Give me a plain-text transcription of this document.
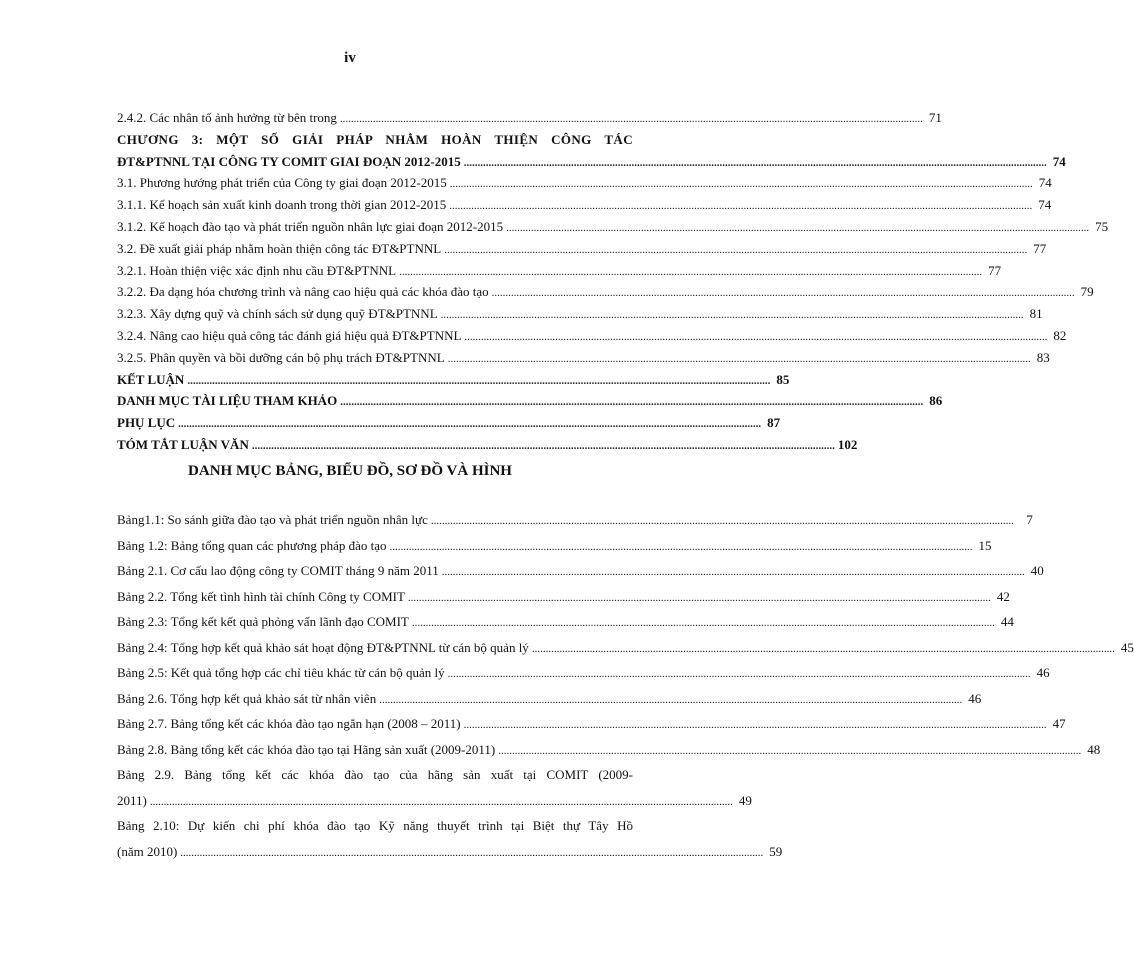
iv
2.4.2. Các nhân tố ảnh hưởng từ bên trong .....	71
CHƯƠNG 3: MỘT SỐ GIẢI PHÁP NHẰM HOÀN THIỆN CÔNG TÁC
ĐT&PTNNL TẠI CÔNG TY COMIT GIAI ĐOẠN 2012-2015 .....	74
3.1. Phương hướng phát triển của Công ty giai đoạn 2012-2015 .....	74
3.1.1. Kế hoạch sản xuất kinh doanh trong thời gian 2012-2015 .....	74
3.1.2. Kế hoạch đào tạo và phát triển nguồn nhân lực giai đoạn 2012-2015 .....	75
3.2. Đề xuất giải pháp nhằm hoàn thiện công tác ĐT&PTNNL .....	77
3.2.1. Hoàn thiện việc xác định nhu cầu ĐT&PTNNL .....	77
3.2.2. Đa dạng hóa chương trình và nâng cao hiệu quả các khóa đào tạo .....	79
3.2.3. Xây dựng quỹ và chính sách sử dụng quỹ ĐT&PTNNL .....	81
3.2.4. Nâng cao hiệu quả công tác đánh giá hiệu quả ĐT&PTNNL .....	82
3.2.5. Phân quyền và bồi dưỡng cán bộ phụ trách ĐT&PTNNL .....	83
KẾT LUẬN .....	85
DANH MỤC TÀI LIỆU THAM KHẢO .....	86
PHỤ LỤC .....	87
TÓM TẮT LUẬN VĂN .....	102
DANH MỤC BẢNG, BIỂU ĐỒ, SƠ ĐỒ VÀ HÌNH
Bảng1.1: So sánh giữa đào tạo và phát triển nguồn nhân lực .....	7
Bảng 1.2: Bảng tổng quan các phương pháp đào tạo .....	15
Bảng 2.1. Cơ cấu lao động công ty COMIT tháng 9 năm 2011 .....	40
Bảng 2.2. Tổng kết tình hình tài chính Công ty COMIT .....	42
Bảng 2.3: Tổng kết kết quả phỏng vấn lãnh đạo COMIT .....	44
Bảng 2.4: Tổng hợp kết quả khảo sát hoạt động ĐT&PTNNL từ cán bộ quản lý .....	45
Bảng 2.5: Kết quả tổng hợp các chỉ tiêu khác từ cán bộ quản lý .....	46
Bảng 2.6. Tổng hợp kết quả khảo sát từ nhân viên .....	46
Bảng 2.7. Bảng tổng kết các khóa đào tạo ngắn hạn (2008 – 2011) .....	47
Bảng 2.8. Bảng tổng kết các khóa đào tạo tại Hãng sản xuất (2009-2011) .....	48
Bảng 2.9. Bảng tổng kết các khóa đào tạo của hãng sản xuất tại COMIT (2009-
2011) .....	49
Bảng 2.10: Dự kiến chi phí khóa đào tạo Kỹ năng thuyết trình tại Biệt thự Tây Hồ
(năm 2010) .....	59
